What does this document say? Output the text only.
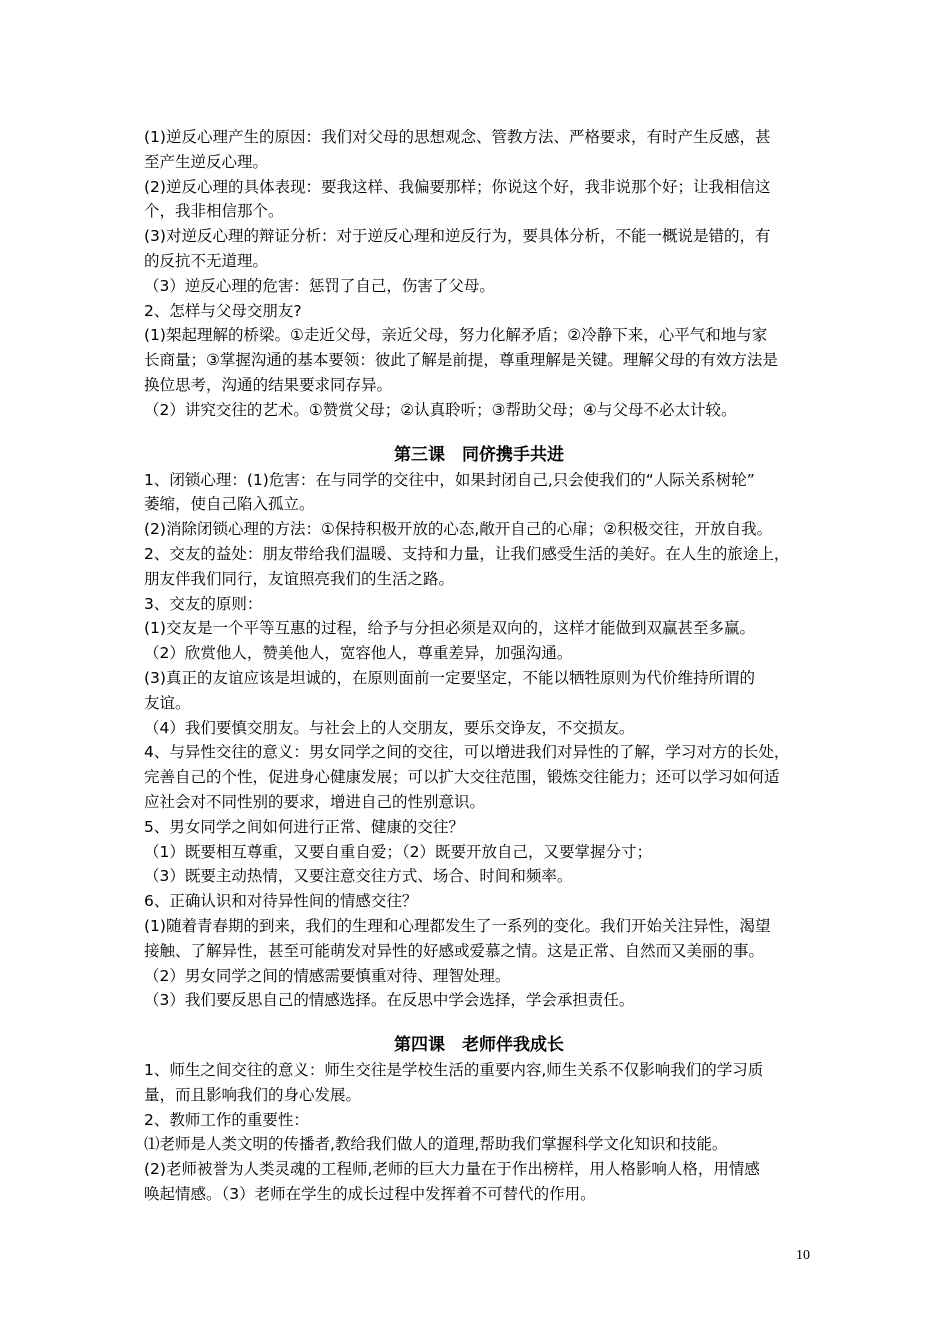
(1)逆反心理产生的原因：我们对父母的思想观念、管教方法、严格要求，有时产生反感，甚
至产生逆反心理。
(2)逆反心理的具体表现：要我这样、我偏要那样；你说这个好，我非说那个好；让我相信这
个，我非相信那个。
(3)对逆反心理的辩证分析：对于逆反心理和逆反行为，要具体分析，不能一概说是错的，有
的反抗不无道理。
（3）逆反心理的危害：惩罚了自己，伤害了父母。
2、怎样与父母交朋友?
(1)架起理解的桥梁。①走近父母，亲近父母，努力化解矛盾；②冷静下来，心平气和地与家
长商量；③掌握沟通的基本要领：彼此了解是前提，尊重理解是关键。理解父母的有效方法是
换位思考，沟通的结果要求同存异。
（2）讲究交往的艺术。①赞赏父母；②认真聆听；③帮助父母；④与父母不必太计较。
第三课　同侪携手共进
1、闭锁心理：(1)危害：在与同学的交往中，如果封闭自己,只会使我们的“人际关系树轮”
萎缩，使自己陷入孤立。
(2)消除闭锁心理的方法：①保持积极开放的心态,敞开自己的心扉；②积极交往，开放自我。
2、交友的益处：朋友带给我们温暖、支持和力量，让我们感受生活的美好。在人生的旅途上，
朋友伴我们同行，友谊照亮我们的生活之路。
3、交友的原则：
(1)交友是一个平等互惠的过程，给予与分担必须是双向的，这样才能做到双赢甚至多赢。
（2）欣赏他人，赞美他人，宽容他人，尊重差异，加强沟通。
(3)真正的友谊应该是坦诚的，在原则面前一定要坚定，不能以牺牲原则为代价维持所谓的
友谊。
（4）我们要慎交朋友。与社会上的人交朋友，要乐交诤友，不交损友。
4、与异性交往的意义：男女同学之间的交往，可以增进我们对异性的了解，学习对方的长处，
完善自己的个性，促进身心健康发展；可以扩大交往范围，锻炼交往能力；还可以学习如何适
应社会对不同性别的要求，增进自己的性别意识。
5、男女同学之间如何进行正常、健康的交往？
（1）既要相互尊重，又要自重自爱；（2）既要开放自己，又要掌握分寸；
（3）既要主动热情，又要注意交往方式、场合、时间和频率。
6、正确认识和对待异性间的情感交往？
(1)随着青春期的到来，我们的生理和心理都发生了一系列的变化。我们开始关注异性，渴望
接触、了解异性，甚至可能萌发对异性的好感或爱慕之情。这是正常、自然而又美丽的事。
（2）男女同学之间的情感需要慎重对待、理智处理。
（3）我们要反思自己的情感选择。在反思中学会选择，学会承担责任。
第四课　老师伴我成长
1、师生之间交往的意义：师生交往是学校生活的重要内容,师生关系不仅影响我们的学习质
量，而且影响我们的身心发展。
2、教师工作的重要性：
⑴老师是人类文明的传播者,教给我们做人的道理,帮助我们掌握科学文化知识和技能。
(2)老师被誉为人类灵魂的工程师,老师的巨大力量在于作出榜样，用人格影响人格，用情感
唤起情感。（3）老师在学生的成长过程中发挥着不可替代的作用。
10
